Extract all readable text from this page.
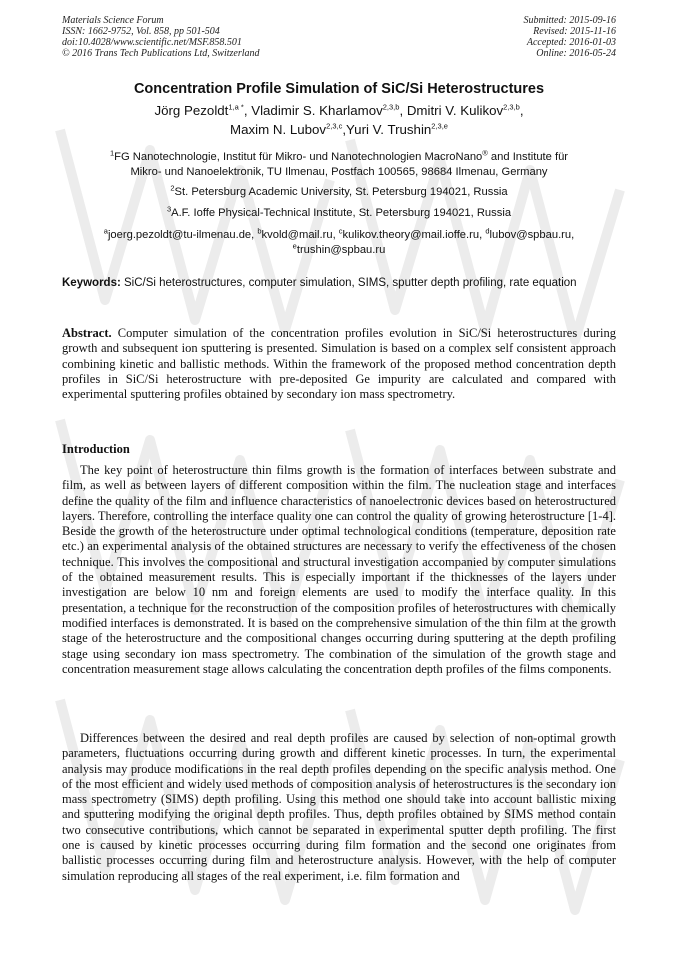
Materials Science Forum
ISSN: 1662-9752, Vol. 858, pp 501-504
doi:10.4028/www.scientific.net/MSF.858.501
© 2016 Trans Tech Publications Ltd, Switzerland
Submitted: 2015-09-16
Revised: 2015-11-16
Accepted: 2016-01-03
Online: 2016-05-24
Concentration Profile Simulation of SiC/Si Heterostructures
Jörg Pezoldt$^{1,a *}$, Vladimir S. Kharlamov$^{2,3,b}$, Dmitri V. Kulikov$^{2,3,b}$,
Maxim N. Lubov$^{2,3,c}$,Yuri V. Trushin$^{2,3,e}$
$^1$FG Nanotechnologie, Institut für Mikro- und Nanotechnologien MacroNano® and Institute für
Mikro- und Nanoelektronik, TU Ilmenau, Postfach 100565, 98684 Ilmenau, Germany
$^2$St. Petersburg Academic University, St. Petersburg 194021, Russia
$^3$A.F. Ioffe Physical-Technical Institute, St. Petersburg 194021, Russia
$^a$joerg.pezoldt@tu-ilmenau.de, $^b$kvold@mail.ru, $^c$kulikov.theory@mail.ioffe.ru, $^d$lubov@spbau.ru,
$^e$trushin@spbau.ru
Keywords: SiC/Si heterostructures, computer simulation, SIMS, sputter depth profiling, rate equation
Abstract. Computer simulation of the concentration profiles evolution in SiC/Si heterostructures during growth and subsequent ion sputtering is presented. Simulation is based on a complex self consistent approach combining kinetic and ballistic methods. Within the framework of the proposed method concentration depth profiles in SiC/Si heterostructure with pre-deposited Ge impurity are calculated and compared with experimental sputtering profiles obtained by secondary ion mass spectrometry.
Introduction
The key point of heterostructure thin films growth is the formation of interfaces between substrate and film, as well as between layers of different composition within the film. The nucleation stage and interfaces define the quality of the film and influence characteristics of nanoelectronic devices based on heterostructured layers. Therefore, controlling the interface quality one can control the quality of growing heterostructure [1-4]. Beside the growth of the heterostructure under optimal technological conditions (temperature, deposition rate etc.) an experimental analysis of the obtained structures are necessary to verify the effectiveness of the chosen technique. This involves the compositional and structural investigation accompanied by computer simulations of the obtained measurement results. This is especially important if the thicknesses of the layers under investigation are below 10 nm and foreign elements are used to modify the interface quality. In this presentation, a technique for the reconstruction of the composition profiles of heterostructures with chemically modified interfaces is demonstrated. It is based on the comprehensive simulation of the thin film at the growth stage of the heterostructure and the compositional changes occurring during sputtering at the depth profiling stage using secondary ion mass spectrometry. The combination of the simulation of the growth stage and concentration measurement stage allows calculating the concentration depth profiles of the films components.
Differences between the desired and real depth profiles are caused by selection of non-optimal growth parameters, fluctuations occurring during growth and different kinetic processes. In turn, the experimental analysis may produce modifications in the real depth profiles depending on the specific analysis method. One of the most efficient and widely used methods of composition analysis of heterostructures is the secondary ion mass spectrometry (SIMS) depth profiling. Using this method one should take into account ballistic mixing and sputtering modifying the original depth profiles. Thus, depth profiles obtained by SIMS method contain two consecutive contributions, which cannot be separated in experimental sputter depth profiling. The first one is caused by kinetic processes occurring during film formation and the second one originates from ballistic processes occurring during film and heterostructure analysis. However, with the help of computer simulation reproducing all stages of the real experiment, i.e. film formation and
